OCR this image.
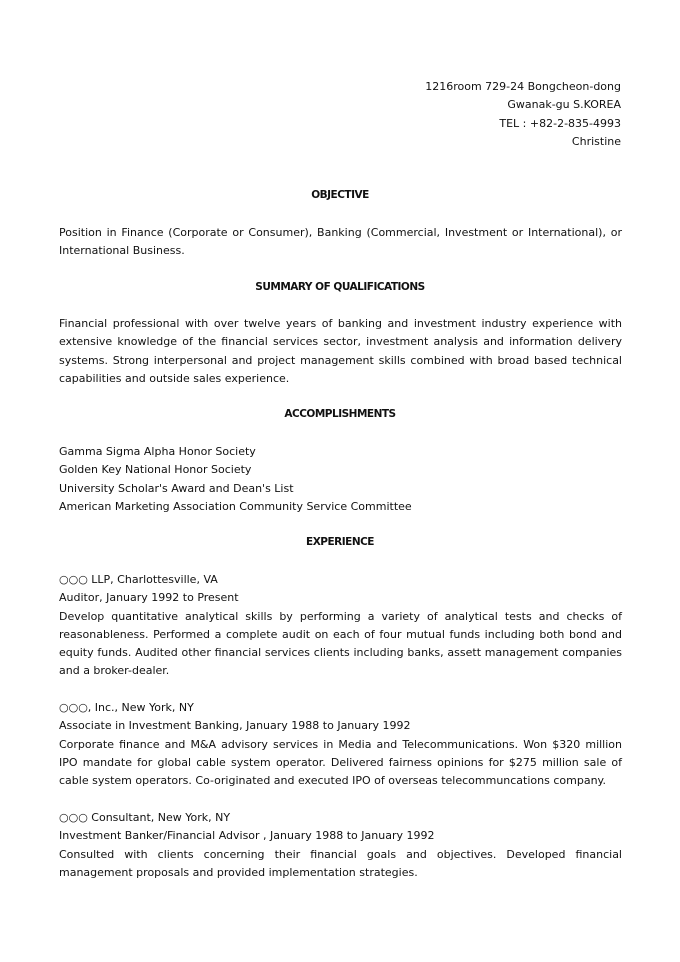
1216room 729-24 Bongcheon-dong
Gwanak-gu S.KOREA
TEL : +82-2-835-4993
Christine
OBJECTIVE
Position in Finance (Corporate or Consumer), Banking (Commercial, Investment or International), or International Business.
SUMMARY OF QUALIFICATIONS
Financial professional with over twelve years of banking and investment industry experience with extensive knowledge of the financial services sector, investment analysis and information delivery systems. Strong interpersonal and project management skills combined with broad based technical capabilities and outside sales experience.
ACCOMPLISHMENTS
Gamma Sigma Alpha Honor Society
Golden Key National Honor Society
University Scholar's Award and Dean's List
American Marketing Association Community Service Committee
EXPERIENCE
○○○ LLP, Charlottesville, VA
Auditor, January 1992 to Present
Develop quantitative analytical skills by performing a variety of analytical tests and checks of reasonableness. Performed a complete audit on each of four mutual funds including both bond and equity funds. Audited other financial services clients including banks, assett management companies and a broker-dealer.
○○○, Inc., New York, NY
Associate in Investment Banking, January 1988 to January 1992
Corporate finance and M&A advisory services in Media and Telecommunications. Won $320 million IPO mandate for global cable system operator. Delivered fairness opinions for $275 million sale of cable system operators. Co-originated and executed IPO of overseas telecommuncations company.
○○○ Consultant, New York, NY
Investment Banker/Financial Advisor , January 1988 to January 1992
Consulted with clients concerning their financial goals and objectives. Developed financial management proposals and provided implementation strategies.
